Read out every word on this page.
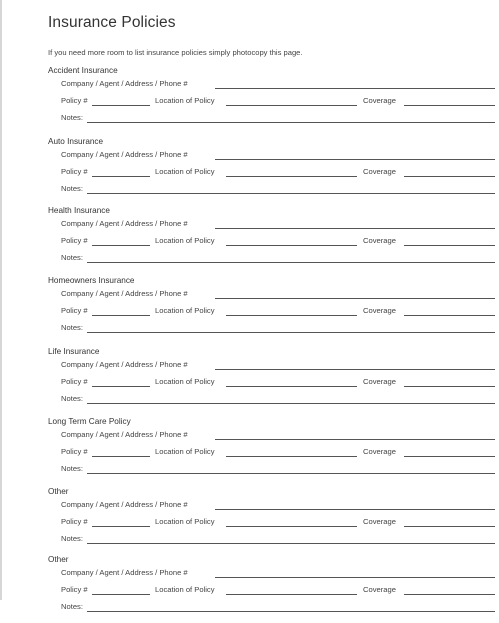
Insurance Policies
If you need more room to list insurance policies simply photocopy this page.
Accident Insurance
Company / Agent / Address / Phone #
Policy #	Location of Policy	Coverage
Notes:
Auto Insurance
Company / Agent / Address / Phone #
Policy #	Location of Policy	Coverage
Notes:
Health Insurance
Company / Agent / Address / Phone #
Policy #	Location of Policy	Coverage
Notes:
Homeowners Insurance
Company / Agent / Address / Phone #
Policy #	Location of Policy	Coverage
Notes:
Life Insurance
Company / Agent / Address / Phone #
Policy #	Location of Policy	Coverage
Notes:
Long Term Care Policy
Company / Agent / Address / Phone #
Policy #	Location of Policy	Coverage
Notes:
Other
Company / Agent / Address / Phone #
Policy #	Location of Policy	Coverage
Notes:
Other
Company / Agent / Address / Phone #
Policy #	Location of Policy	Coverage
Notes:
